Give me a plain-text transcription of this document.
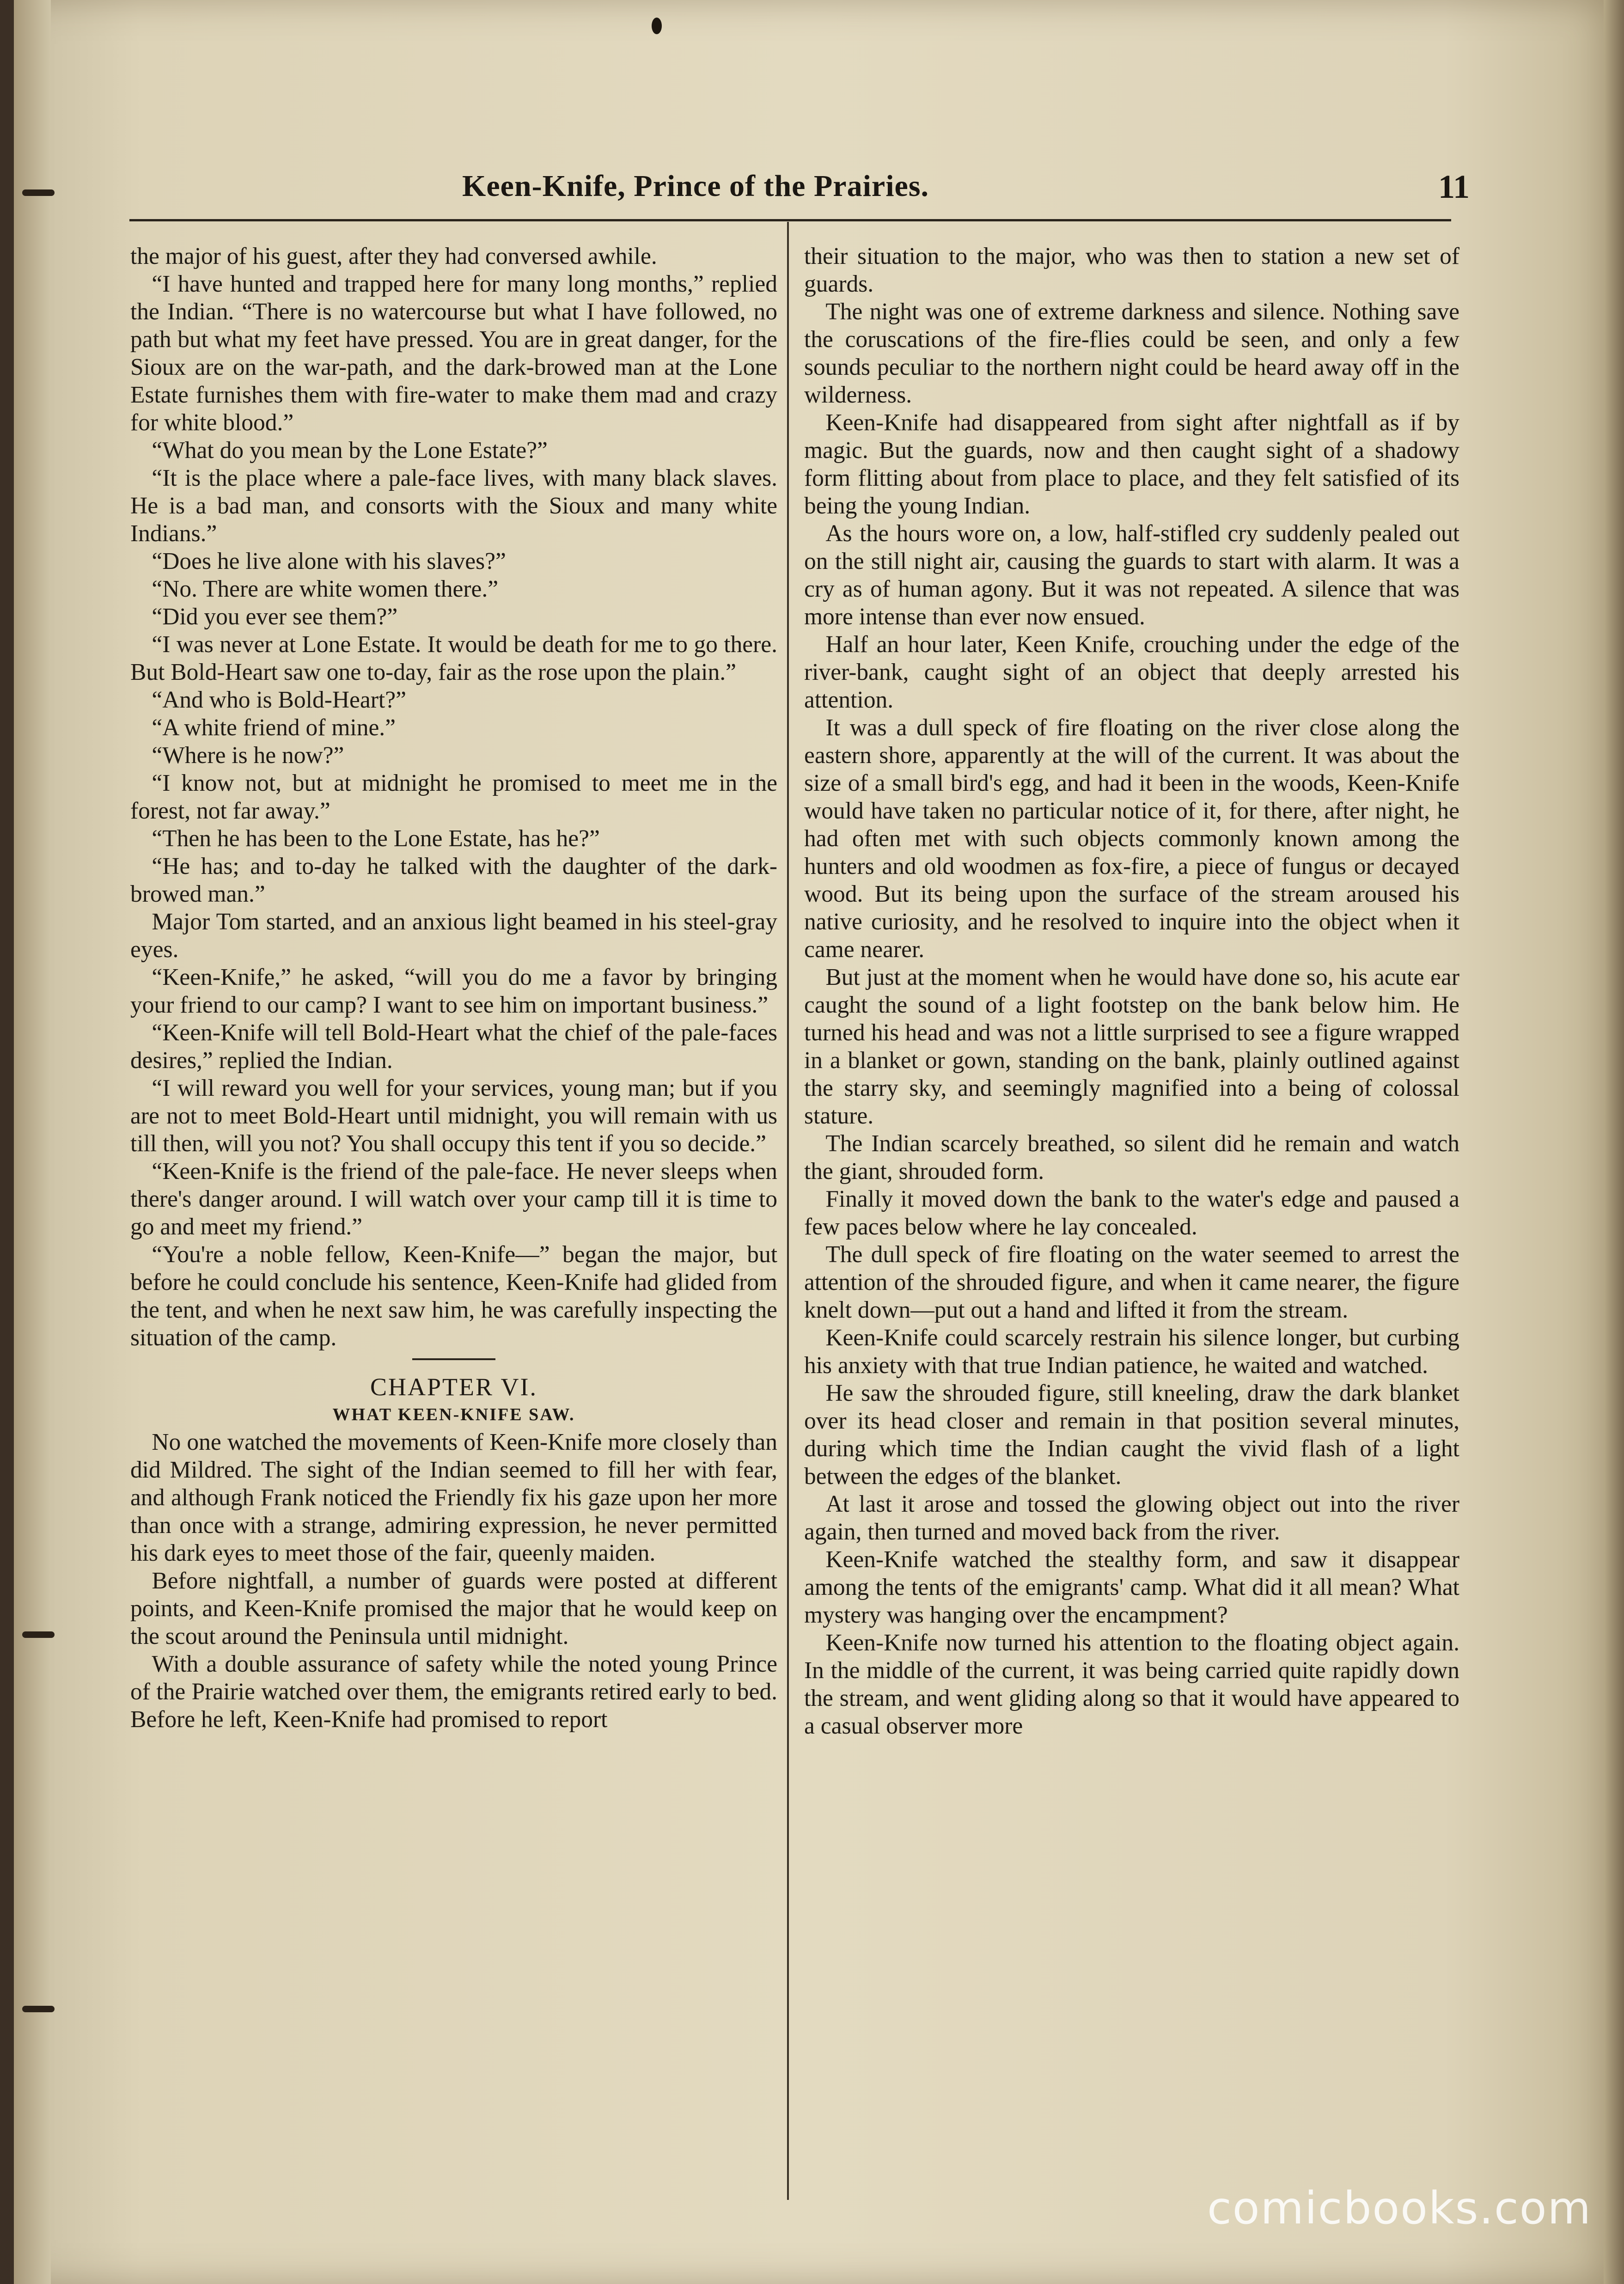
Keen-Knife, Prince of the Prairies.	11

the major of his guest, after they had conversed awhile.

“I have hunted and trapped here for many long months,” replied the Indian. “There is no watercourse but what I have followed, no path but what my feet have pressed. You are in great danger, for the Sioux are on the war-path, and the dark-browed man at the Lone Estate furnishes them with fire-water to make them mad and crazy for white blood.”

“What do you mean by the Lone Estate?”

“It is the place where a pale-face lives, with many black slaves. He is a bad man, and consorts with the Sioux and many white Indians.”

“Does he live alone with his slaves?”

“No. There are white women there.”

“Did you ever see them?”

“I was never at Lone Estate. It would be death for me to go there. But Bold-Heart saw one to-day, fair as the rose upon the plain.”

“And who is Bold-Heart?”

“A white friend of mine.”

“Where is he now?”

“I know not, but at midnight he promised to meet me in the forest, not far away.”

“Then he has been to the Lone Estate, has he?”

“He has; and to-day he talked with the daughter of the dark-browed man.”

Major Tom started, and an anxious light beamed in his steel-gray eyes.

“Keen-Knife,” he asked, “will you do me a favor by bringing your friend to our camp? I want to see him on important business.”

“Keen-Knife will tell Bold-Heart what the chief of the pale-faces desires,” replied the Indian.

“I will reward you well for your services, young man; but if you are not to meet Bold-Heart until midnight, you will remain with us till then, will you not? You shall occupy this tent if you so decide.”

“Keen-Knife is the friend of the pale-face. He never sleeps when there's danger around. I will watch over your camp till it is time to go and meet my friend.”

“You're a noble fellow, Keen-Knife—” began the major, but before he could conclude his sentence, Keen-Knife had glided from the tent, and when he next saw him, he was carefully inspecting the situation of the camp.

CHAPTER VI.

WHAT KEEN-KNIFE SAW.

No one watched the movements of Keen-Knife more closely than did Mildred. The sight of the Indian seemed to fill her with fear, and although Frank noticed the Friendly fix his gaze upon her more than once with a strange, admiring expression, he never permitted his dark eyes to meet those of the fair, queenly maiden.

Before nightfall, a number of guards were posted at different points, and Keen-Knife promised the major that he would keep on the scout around the Peninsula until midnight.

With a double assurance of safety while the noted young Prince of the Prairie watched over them, the emigrants retired early to bed. Before he left, Keen-Knife had promised to report

their situation to the major, who was then to station a new set of guards.

The night was one of extreme darkness and silence. Nothing save the coruscations of the fire-flies could be seen, and only a few sounds peculiar to the northern night could be heard away off in the wilderness.

Keen-Knife had disappeared from sight after nightfall as if by magic. But the guards, now and then caught sight of a shadowy form flitting about from place to place, and they felt satisfied of its being the young Indian.

As the hours wore on, a low, half-stifled cry suddenly pealed out on the still night air, causing the guards to start with alarm. It was a cry as of human agony. But it was not repeated. A silence that was more intense than ever now ensued.

Half an hour later, Keen Knife, crouching under the edge of the river-bank, caught sight of an object that deeply arrested his attention.

It was a dull speck of fire floating on the river close along the eastern shore, apparently at the will of the current. It was about the size of a small bird's egg, and had it been in the woods, Keen-Knife would have taken no particular notice of it, for there, after night, he had often met with such objects commonly known among the hunters and old woodmen as fox-fire, a piece of fungus or decayed wood. But its being upon the surface of the stream aroused his native curiosity, and he resolved to inquire into the object when it came nearer.

But just at the moment when he would have done so, his acute ear caught the sound of a light footstep on the bank below him. He turned his head and was not a little surprised to see a figure wrapped in a blanket or gown, standing on the bank, plainly outlined against the starry sky, and seemingly magnified into a being of colossal stature.

The Indian scarcely breathed, so silent did he remain and watch the giant, shrouded form.

Finally it moved down the bank to the water's edge and paused a few paces below where he lay concealed.

The dull speck of fire floating on the water seemed to arrest the attention of the shrouded figure, and when it came nearer, the figure knelt down—put out a hand and lifted it from the stream.

Keen-Knife could scarcely restrain his silence longer, but curbing his anxiety with that true Indian patience, he waited and watched.

He saw the shrouded figure, still kneeling, draw the dark blanket over its head closer and remain in that position several minutes, during which time the Indian caught the vivid flash of a light between the edges of the blanket.

At last it arose and tossed the glowing object out into the river again, then turned and moved back from the river.

Keen-Knife watched the stealthy form, and saw it disappear among the tents of the emigrants' camp. What did it all mean? What mystery was hanging over the encampment?

Keen-Knife now turned his attention to the floating object again. In the middle of the current, it was being carried quite rapidly down the stream, and went gliding along so that it would have appeared to a casual observer more

comicbooks.com
